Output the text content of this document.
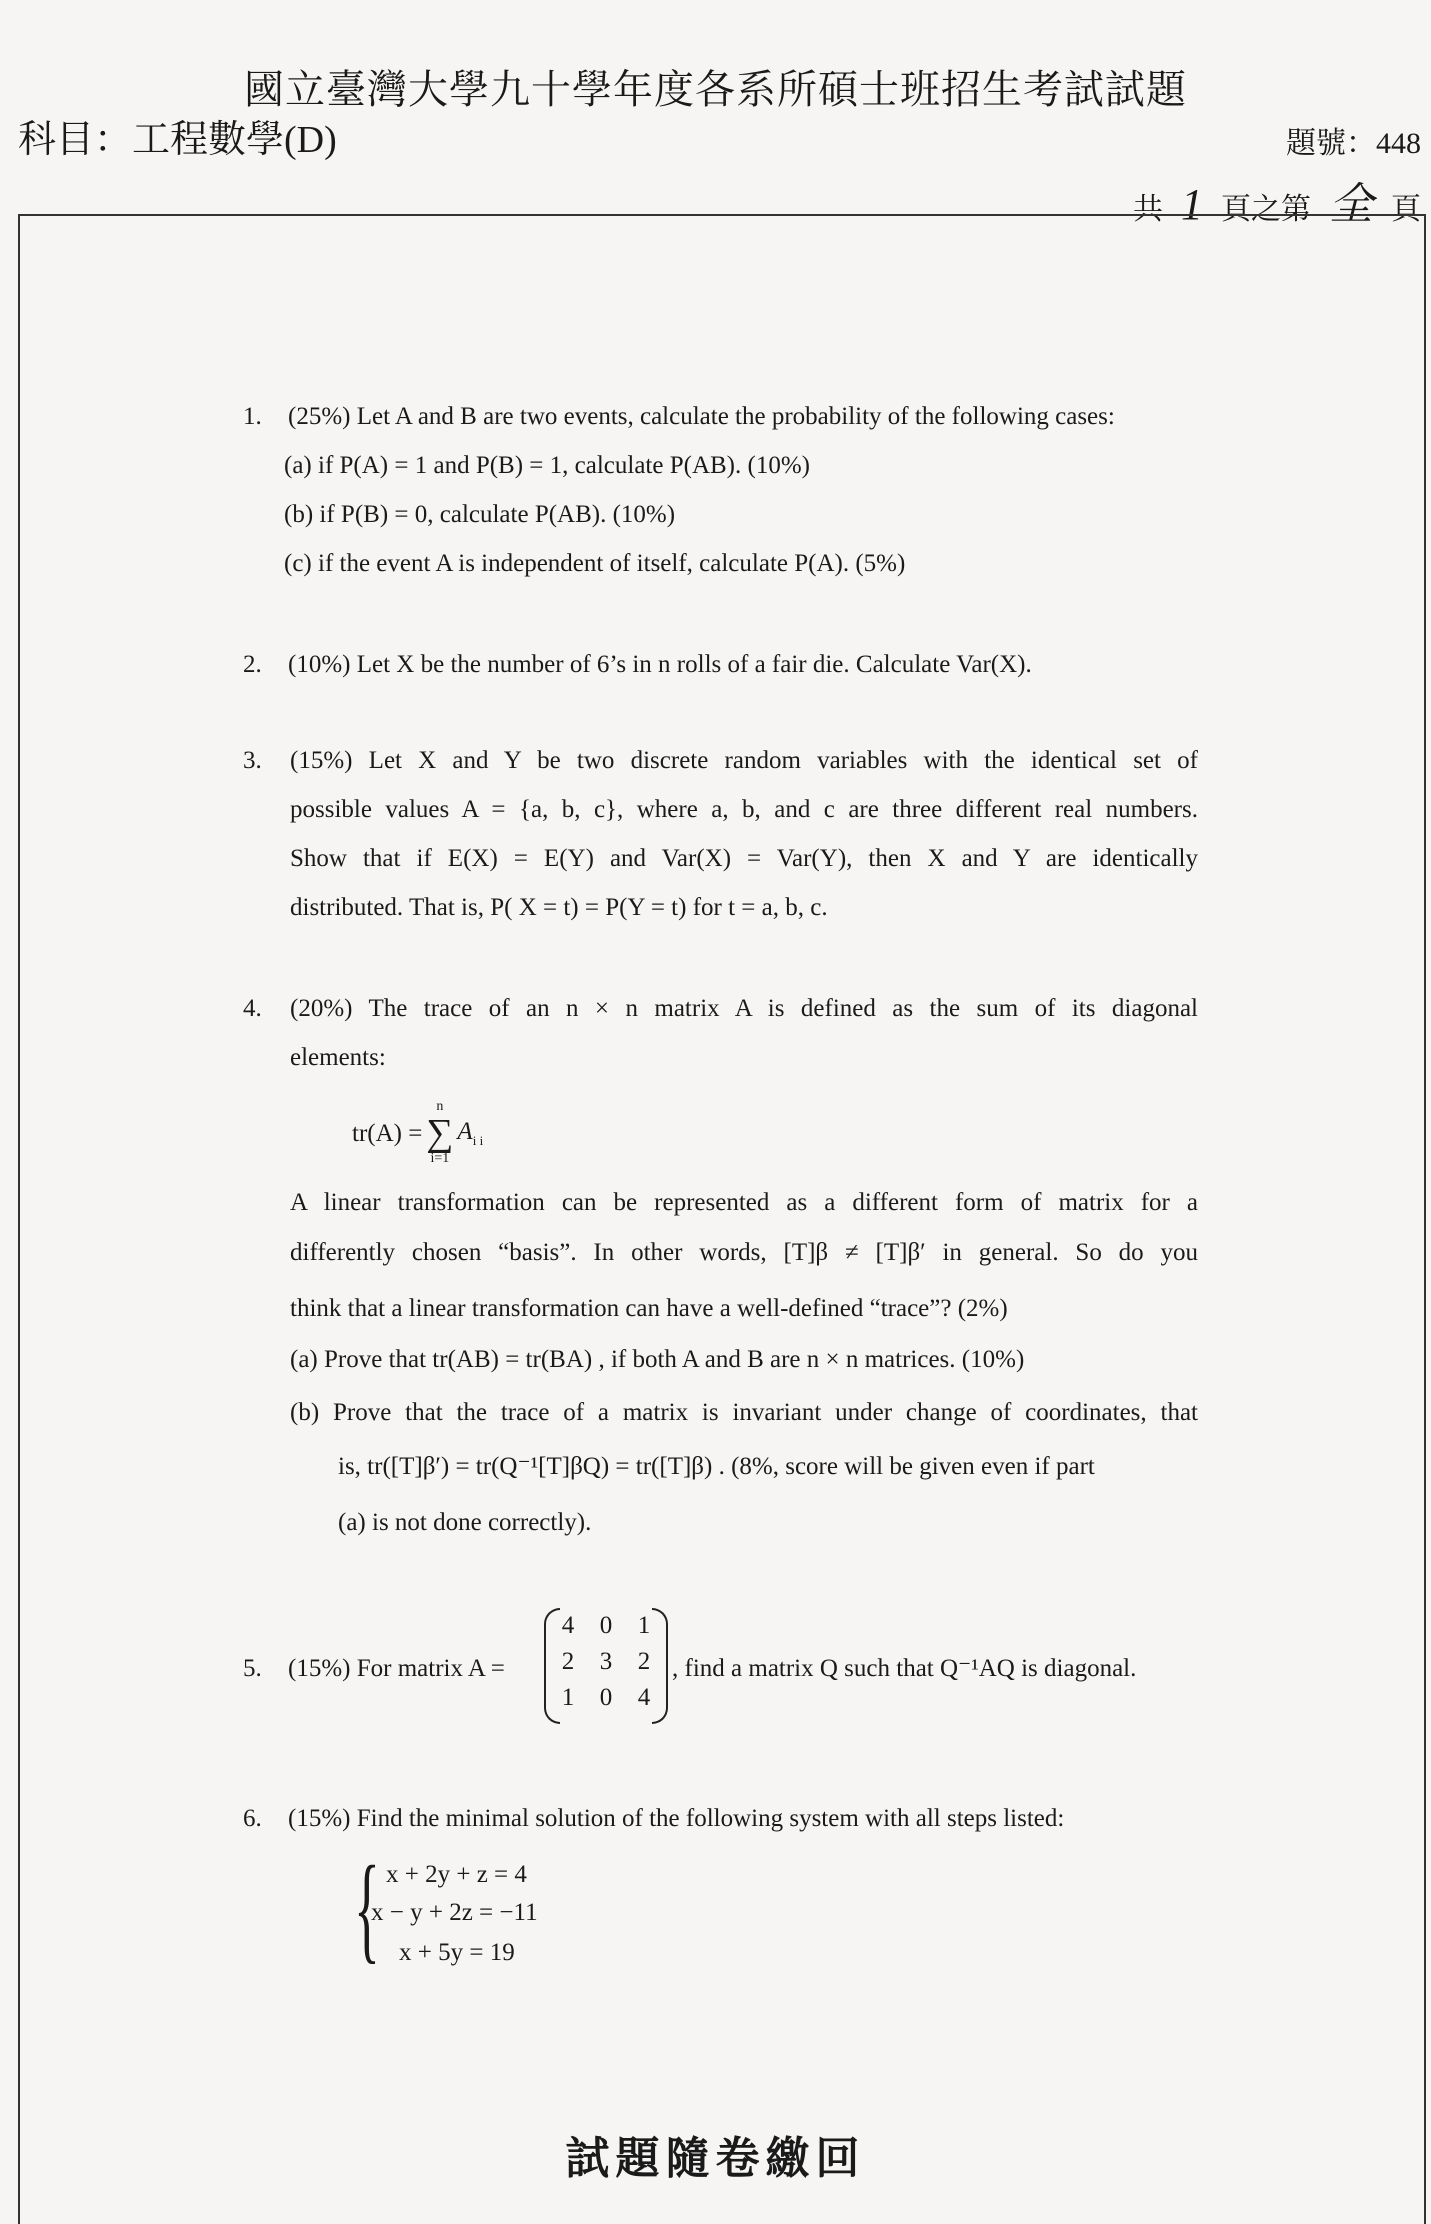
國立臺灣大學九十學年度各系所碩士班招生考試試題
科目：工程數學(D)	題號：448
共 1 頁之第 全 頁
1. (25%) Let A and B are two events, calculate the probability of the following cases:
(a) if P(A) = 1 and P(B) = 1, calculate P(AB). (10%)
(b) if P(B) = 0, calculate P(AB). (10%)
(c) if the event A is independent of itself, calculate P(A). (5%)
2. (10%) Let X be the number of 6’s in n rolls of a fair die. Calculate Var(X).
3.	(15%) Let X and Y be two discrete random variables with the identical set of
possible values A = {a, b, c}, where a, b, and c are three different real numbers.
Show that if E(X) = E(Y) and Var(X) = Var(Y), then X and Y are identically
distributed. That is, P( X = t) = P(Y = t) for t = a, b, c.
4.	(20%) The trace of an n × n matrix A is defined as the sum of its diagonal
elements:
tr(A) =
n
∑
i=1
$A_{i i}$
A linear transformation can be represented as a different form of matrix for a
differently chosen “basis”. In other words, [T]β ≠ [T]β′ in general. So do you
think that a linear transformation can have a well-defined “trace”? (2%)
(a) Prove that tr(AB) = tr(BA) , if both A and B are n × n matrices. (10%)
(b) Prove that the trace of a matrix is invariant under change of coordinates, that
is, tr([T]β′) = tr(Q⁻¹[T]βQ) = tr([T]β) . (8%, score will be given even if part
(a) is not done correctly).
5. (15%) For matrix A =
4	0	1
2	3	2
1	0	4
, find a matrix Q such that Q⁻¹AQ is diagonal.
6. (15%) Find the minimal solution of the following system with all steps listed:
{ x + 2y + z = 4
x − y + 2z = −11
x + 5y = 19
試題隨卷繳回
